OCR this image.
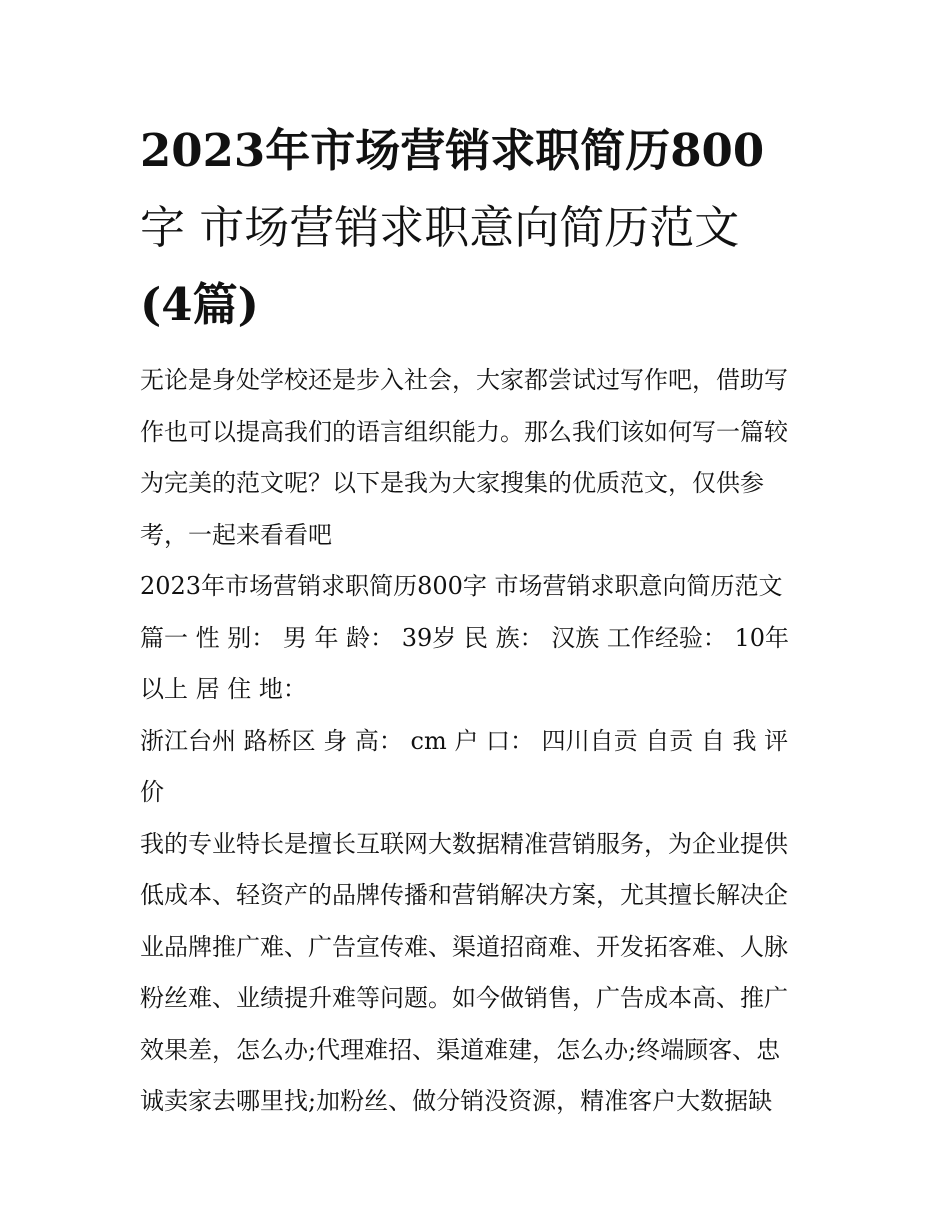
2023年市场营销求职简历800
字 市场营销求职意向简历范文
(4篇)
无论是身处学校还是步入社会，大家都尝试过写作吧，借助写
作也可以提高我们的语言组织能力。那么我们该如何写一篇较
为完美的范文呢？以下是我为大家搜集的优质范文，仅供参
考，一起来看看吧
2023年市场营销求职简历800字 市场营销求职意向简历范文
篇一 性 别： 男 年 龄： 39岁 民 族： 汉族 工作经验： 10年
以上 居 住 地：
浙江台州 路桥区 身 高： cm 户 口： 四川自贡 自贡 自 我 评
价
我的专业特长是擅长互联网大数据精准营销服务，为企业提供
低成本、轻资产的品牌传播和营销解决方案，尤其擅长解决企
业品牌推广难、广告宣传难、渠道招商难、开发拓客难、人脉
粉丝难、业绩提升难等问题。如今做销售，广告成本高、推广
效果差，怎么办;代理难招、渠道难建，怎么办;终端顾客、忠
诚卖家去哪里找;加粉丝、做分销没资源，精准客户大数据缺
